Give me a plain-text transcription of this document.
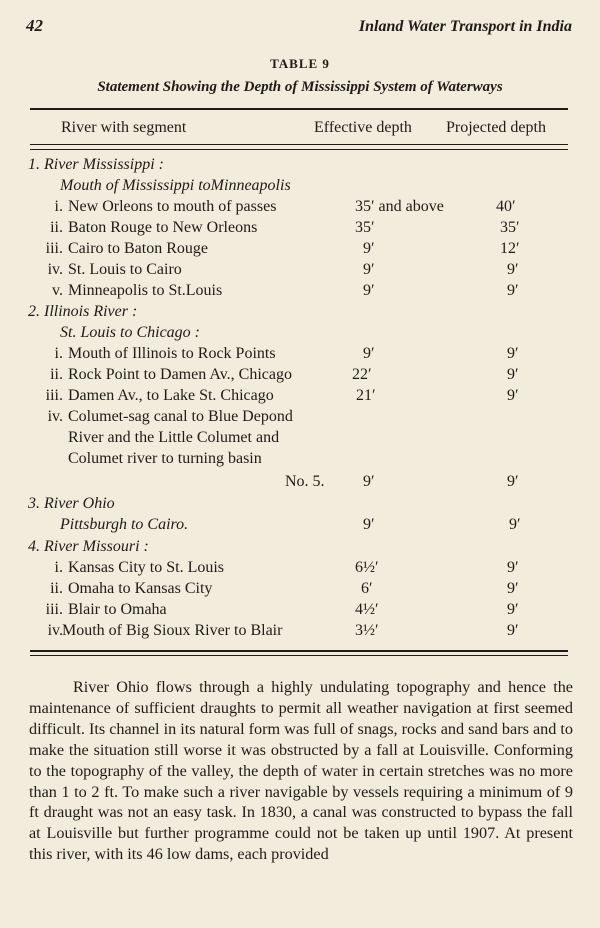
42	Inland Water Transport in India
TABLE 9
Statement Showing the Depth of Mississippi System of Waterways
River with segment	Effective depth Projected depth
1. River Mississippi :
Mouth of Mississippi toMinneapolis
i. New Orleons to mouth of passes	35′ and above	40′
ii. Baton Rouge to New Orleons	35′	35′
iii. Cairo to Baton Rouge	9′	12′
iv. St. Louis to Cairo	9′	9′
v. Minneapolis to St.Louis	9′	9′
2. Illinois River :
St. Louis to Chicago :
i. Mouth of Illinois to Rock Points	9′	9′
ii. Rock Point to Damen Av., Chicago	22′	9′
iii. Damen Av., to Lake St. Chicago	21′	9′
iv. Columet-sag canal to Blue Depond
River and the Little Columet and
Columet river to turning basin
No. 5. 9′	9′
3. River Ohio
Pittsburgh to Cairo.	9′	9′
4. River Missouri :
i. Kansas City to St. Louis	6½′	9′
ii. Omaha to Kansas City	6′	9′
iii. Blair to Omaha	4½′	9′
iv. Mouth of Big Sioux River to Blair	3½′	9′

River Ohio flows through a highly undulating topography and hence the maintenance of sufficient draughts to permit all weather navigation at first seemed difficult. Its channel in its natural form was full of snags, rocks and sand bars and to make the situation still worse it was obstructed by a fall at Louisville. Conforming to the topography of the valley, the depth of water in certain stretches was no more than 1 to 2 ft. To make such a river navigable by vessels requiring a minimum of 9 ft draught was not an easy task. In 1830, a canal was constructed to bypass the fall at Louisville but further programme could not be taken up until 1907. At present this river, with its 46 low dams, each provided
